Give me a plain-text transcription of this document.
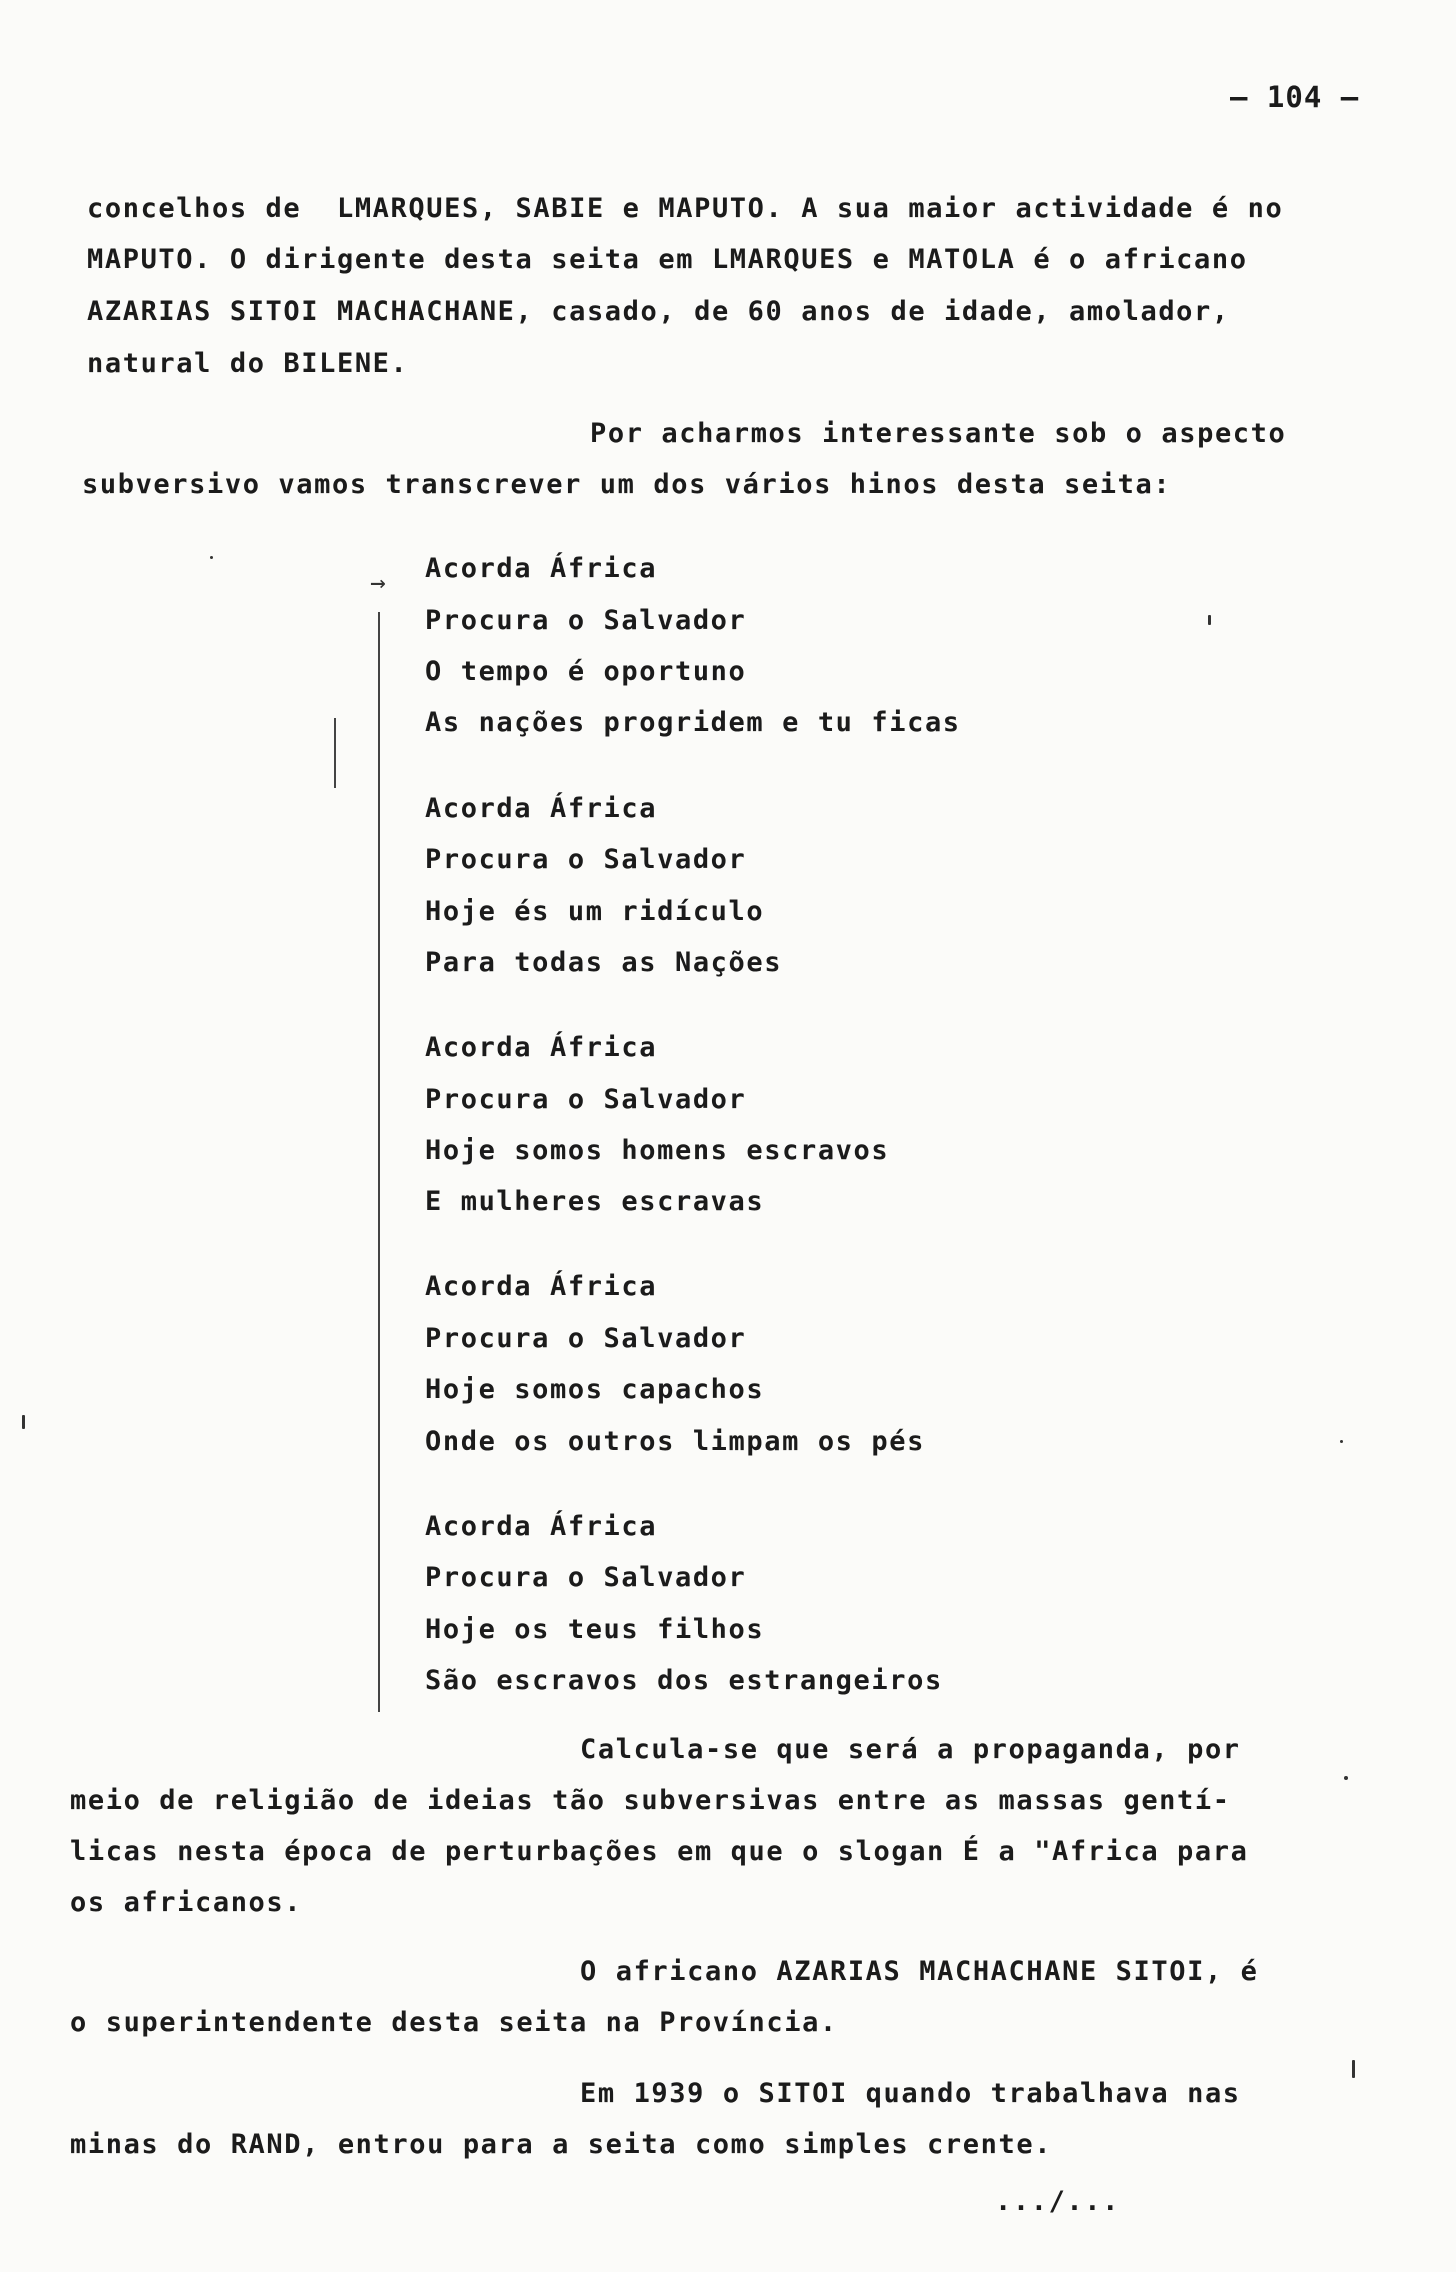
– 104 –
concelhos de  LMARQUES, SABIE e MAPUTO. A sua maior actividade é no
MAPUTO. O dirigente desta seita em LMARQUES e MATOLA é o africano
AZARIAS SITOI MACHACHANE, casado, de 60 anos de idade, amolador,
natural do BILENE.
Por acharmos interessante sob o aspecto
subversivo vamos transcrever um dos vários hinos desta seita:
→ Acorda África
Procura o Salvador
O tempo é oportuno
As nações progridem e tu ficas
Acorda África
Procura o Salvador
Hoje és um ridículo
Para todas as Nações
Acorda África
Procura o Salvador
Hoje somos homens escravos
E mulheres escravas
Acorda África
Procura o Salvador
Hoje somos capachos
Onde os outros limpam os pés
Acorda África
Procura o Salvador
Hoje os teus filhos
São escravos dos estrangeiros
Calcula-se que será a propaganda, por
meio de religião de ideias tão subversivas entre as massas gentí-
licas nesta época de perturbações em que o slogan É a "Africa para
os africanos.
O africano AZARIAS MACHACHANE SITOI, é
o superintendente desta seita na Província.
Em 1939 o SITOI quando trabalhava nas
minas do RAND, entrou para a seita como simples crente.
.../...
